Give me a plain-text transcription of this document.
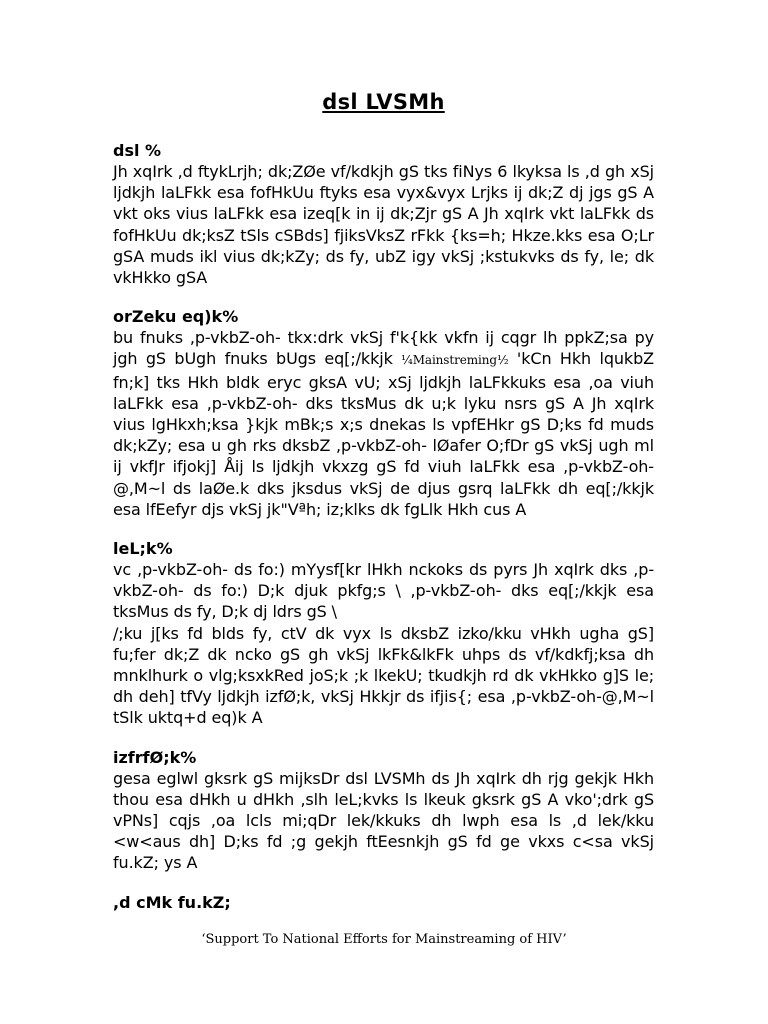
dsl LVSMh
dsl %

Jh xqIrk ,d ftykLrjh; dk;ZØe vf/kdkjh gS tks fiNys 6 lkyksa ls ,d gh xSj ljdkjh laLFkk esa fofHkUu ftyks esa vyx&vyx Lrjks ij dk;Z dj jgs gS A vkt oks vius laLFkk esa izeq[k in ij dk;Zjr gS A Jh xqIrk vkt laLFkk ds fofHkUu dk;ksZ tSls cSBds] fjiksVksZ rFkk {ks=h; Hkze.kks esa O;Lr gSA muds ikl vius dk;kZy; ds fy, ubZ igy vkSj ;kstukvks ds fy, le; dk vkHkko gSA

orZeku eq)k%

bu fnuks ,p-vkbZ-oh- tkx:drk vkSj f'k{kk vkfn ij cqgr lh ppkZ;sa py jgh gS bUgh fnuks bUgs eq[;/kkjk ¼Mainstreming½ 'kCn Hkh lqukbZ fn;k] tks Hkh bldk eryc gksA vU; xSj ljdkjh laLFkkuks esa ,oa viuh laLFkk esa ,p-vkbZ-oh- dks tksMus dk u;k lyku nsrs gS A Jh xqIrk vius lgHkxh;ksa }kjk mBk;s x;s dnekas ls vpfEHkr gS D;ks fd muds dk;kZy; esa u gh rks dksbZ ,p-vkbZ-oh- lØafer O;fDr gS vkSj ugh ml ij vkfJr ifjokj] Åij ls ljdkjh vkxzg gS fd viuh laLFkk esa ,p-vkbZ-oh-@,M~l ds laØe.k dks jksdus vkSj de djus gsrq laLFkk dh eq[;/kkjk esa lfEefyr djs vkSj jk"Vªh; iz;klks dk fgLlk Hkh cus A

leL;k%

vc ,p-vkbZ-oh- ds fo:) mYysf[kr lHkh nckoks ds pyrs Jh xqIrk dks ,p-vkbZ-oh- ds fo:) D;k djuk pkfg;s \ ,p-vkbZ-oh- dks eq[;/kkjk esa tksMus ds fy, D;k dj ldrs gS \
/;ku j[ks fd blds fy, ctV dk vyx ls dksbZ izko/kku vHkh ugha gS] fu;fer dk;Z dk ncko gS gh vkSj lkFk&lkFk uhps ds vf/kdkfj;ksa dh mnklhurk o vlg;ksxkRed joS;k ;k lkekU; tkudkjh rd dk vkHkko g]S le; dh deh] tfVy ljdkjh izfØ;k, vkSj Hkkjr ds ifjis{; esa ,p-vkbZ-oh-@,M~l tSlk uktq+d eq)k A

izfrfØ;k%

gesa eglwl gksrk gS mijksDr dsl LVSMh ds Jh xqIrk dh rjg gekjk Hkh thou esa dHkh u dHkh ,slh leL;kvks ls lkeuk gksrk gS A vko';drk gS vPNs] cqjs ,oa lcls mi;qDr lek/kkuks dh lwph esa ls ,d lek/kku <w<aus dh] D;ks fd ;g gekjh ftEesnkjh gS fd ge vkxs c<sa vkSj fu.kZ; ys A

,d cMk fu.kZ;
‘Support To National Efforts for Mainstreaming of HIV’
